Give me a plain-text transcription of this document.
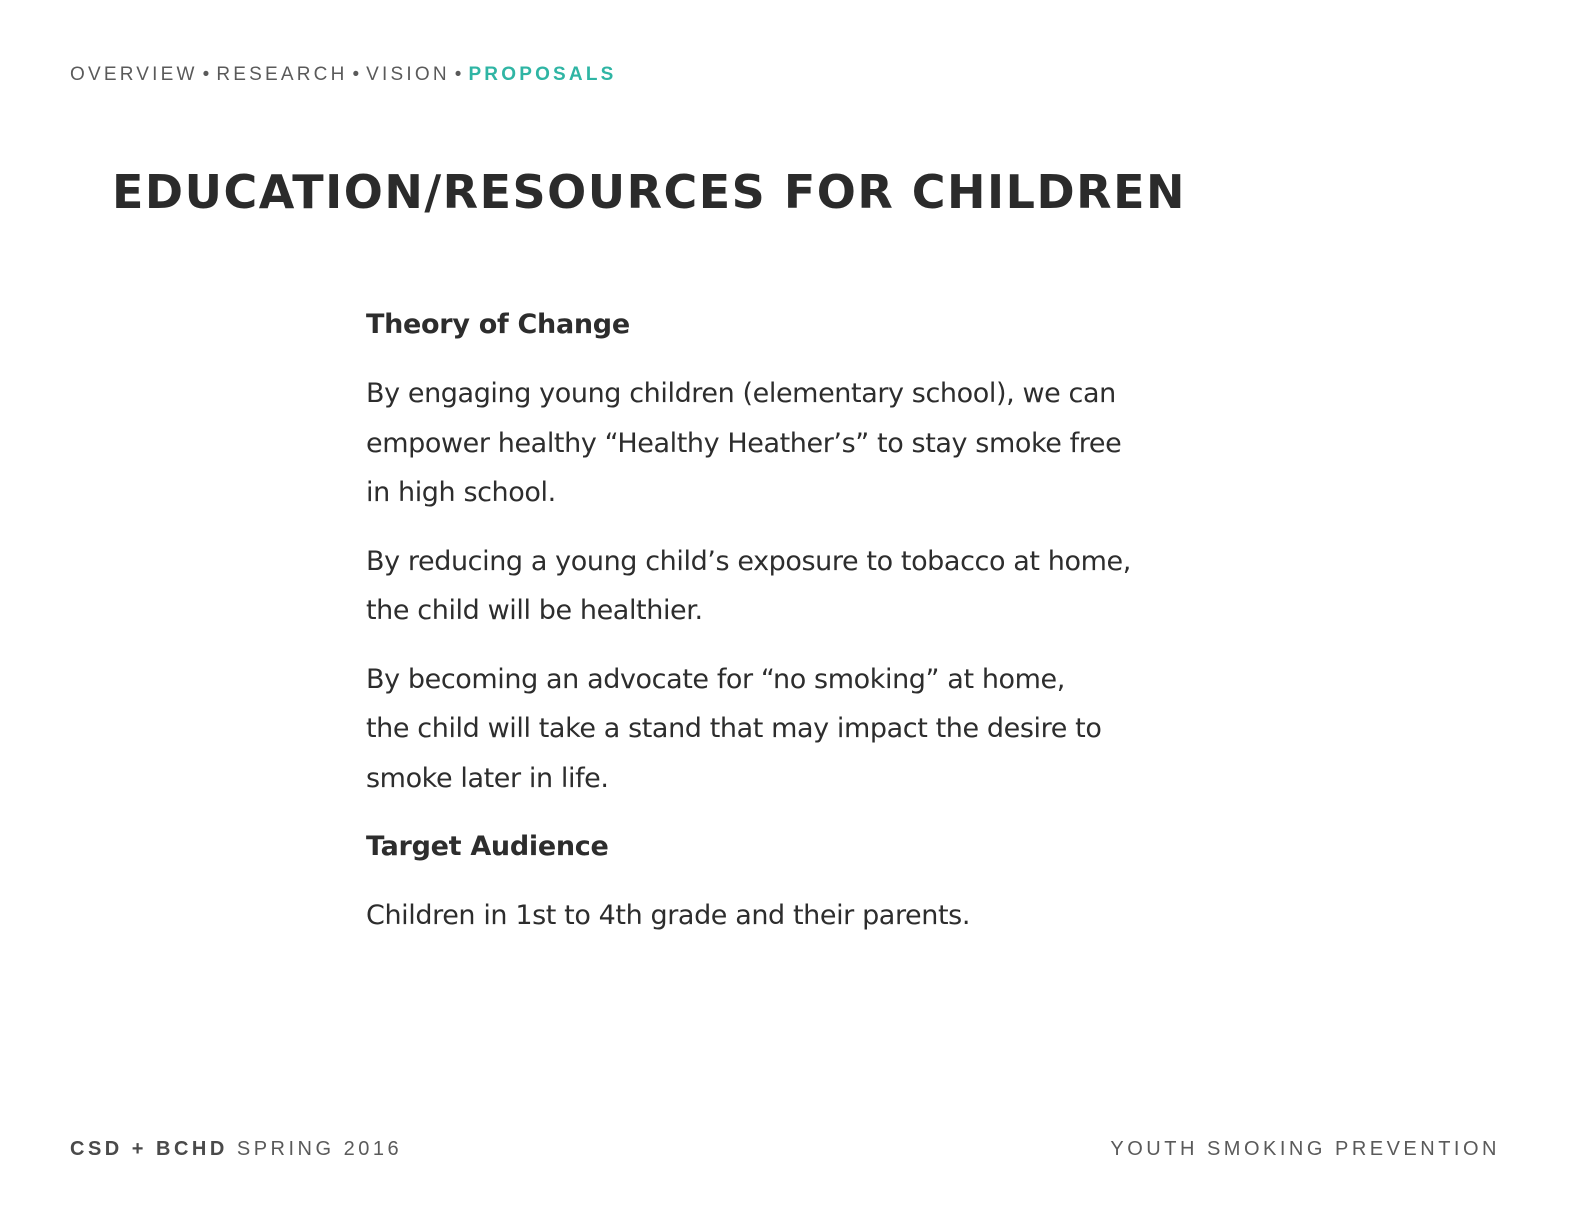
OVERVIEW • RESEARCH • VISION • PROPOSALS
EDUCATION/RESOURCES FOR CHILDREN
Theory of Change

By engaging young children (elementary school), we can
empower healthy “Healthy Heather’s” to stay smoke free
in high school.

By reducing a young child’s exposure to tobacco at home,
the child will be healthier.

By becoming an advocate for “no smoking” at home,
the child will take a stand that may impact the desire to
smoke later in life.

Target Audience

Children in 1st to 4th grade and their parents.

CSD + BCHD SPRING 2016	YOUTH SMOKING PREVENTION
